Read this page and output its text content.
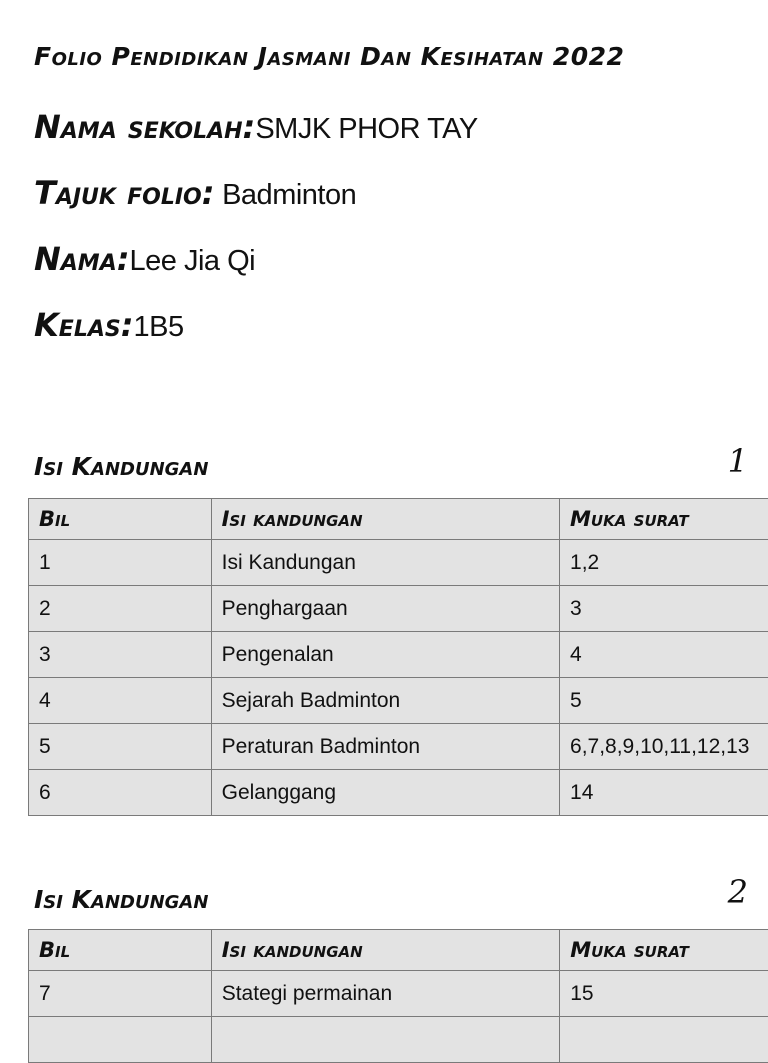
Folio Pendidikan Jasmani Dan Kesihatan 2022
Nama sekolah:SMJK PHOR TAY
Tajuk folio: Badminton
Nama:Lee Jia Qi
Kelas:1B5
Isi Kandungan	1
Bil	Isi kandungan	Muka surat
1	Isi Kandungan	1,2
2	Penghargaan	3
3	Pengenalan	4
4	Sejarah Badminton	5
5	Peraturan Badminton	6,7,8,9,10,11,12,13
6	Gelanggang	14
Isi Kandungan	2
Bil	Isi kandungan	Muka surat
7	Stategi permainan	15
